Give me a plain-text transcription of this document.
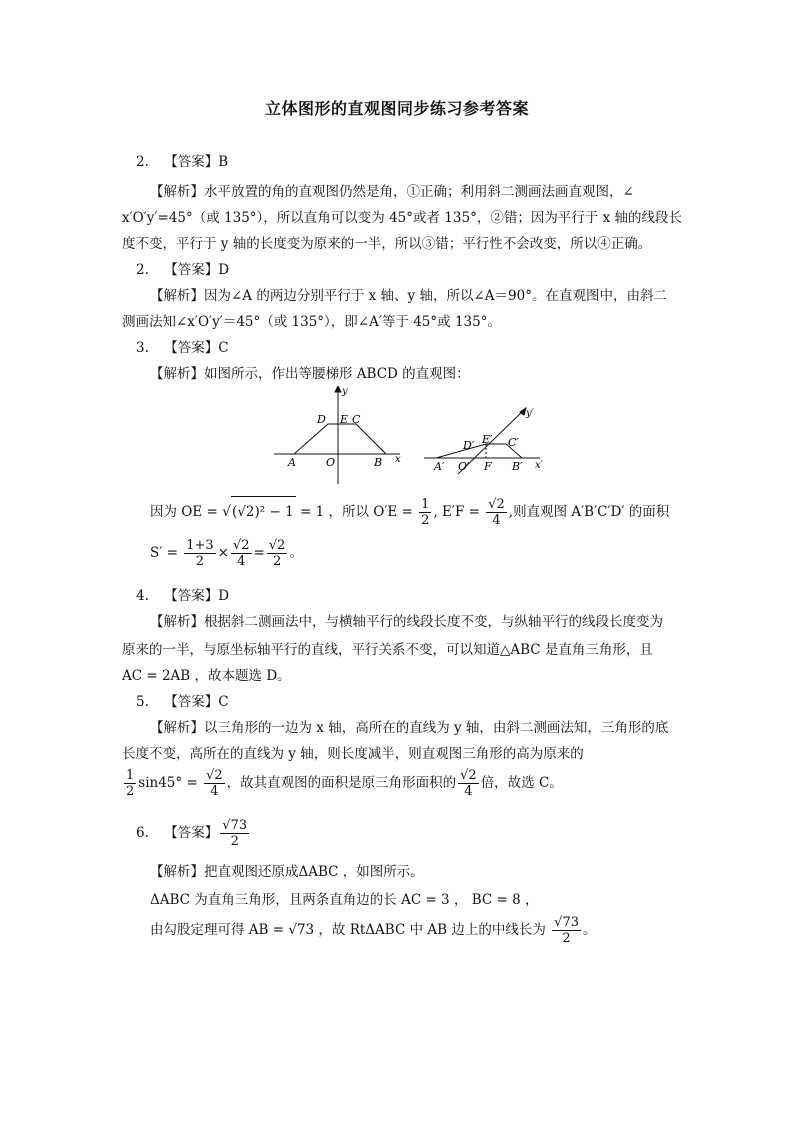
立体图形的直观图同步练习参考答案
2. 【答案】B
【解析】水平放置的角的直观图仍然是角，①正确；利用斜二测画法画直观图，∠
x′O′y′=45°（或 135°），所以直角可以变为 45°或者 135°，②错；因为平行于 x 轴的线段长
度不变，平行于 y 轴的长度变为原来的一半，所以③错；平行性不会改变，所以④正确。
2. 【答案】D
【解析】因为∠A 的两边分别平行于 x 轴、y 轴，所以∠A＝90°。在直观图中，由斜二
测画法知∠x′O′y′＝45°（或 135°），即∠A′等于 45°或 135°。
3. 【答案】C
【解析】如图所示，作出等腰梯形 ABCD 的直观图：
y
x
D E C
A	O	B
y′
x′
D′ E′ C′
A′ O′ F B′
因为 OE = √(√2)² − 1 = 1 ，所以 $O'E = \frac{1}{2}$ , $E'F = \frac{√2}{4}$ ,则直观图 A′B′C′D′ 的面积
$S' = \frac{1+3}{2} \times \frac{√2}{4} = \frac{√2}{2}$ 。
4. 【答案】D
【解析】根据斜二测画法中，与横轴平行的线段长度不变，与纵轴平行的线段长度变为
原来的一半，与原坐标轴平行的直线，平行关系不变，可以知道△ABC 是直角三角形，且
AC = 2AB ，故本题选 D。
5. 【答案】C
【解析】以三角形的一边为 x 轴，高所在的直线为 y 轴，由斜二测画法知，三角形的底
长度不变，高所在的直线为 y 轴，则长度减半，则直观图三角形的高为原来的
$\frac{1}{2} \sin 45^\circ = \frac{√2}{4}$ ，故其直观图的面积是原三角形面积的 $\frac{√2}{4}$ 倍，故选 C。
6. 【答案】 $\frac{√73}{2}$
【解析】把直观图还原成ΔABC ，如图所示。
ΔABC 为直角三角形，且两条直角边的长 AC = 3 ， BC = 8 ，
由勾股定理可得 AB = √73 ，故 RtΔABC 中 AB 边上的中线长为 $\frac{√73}{2}$ 。
